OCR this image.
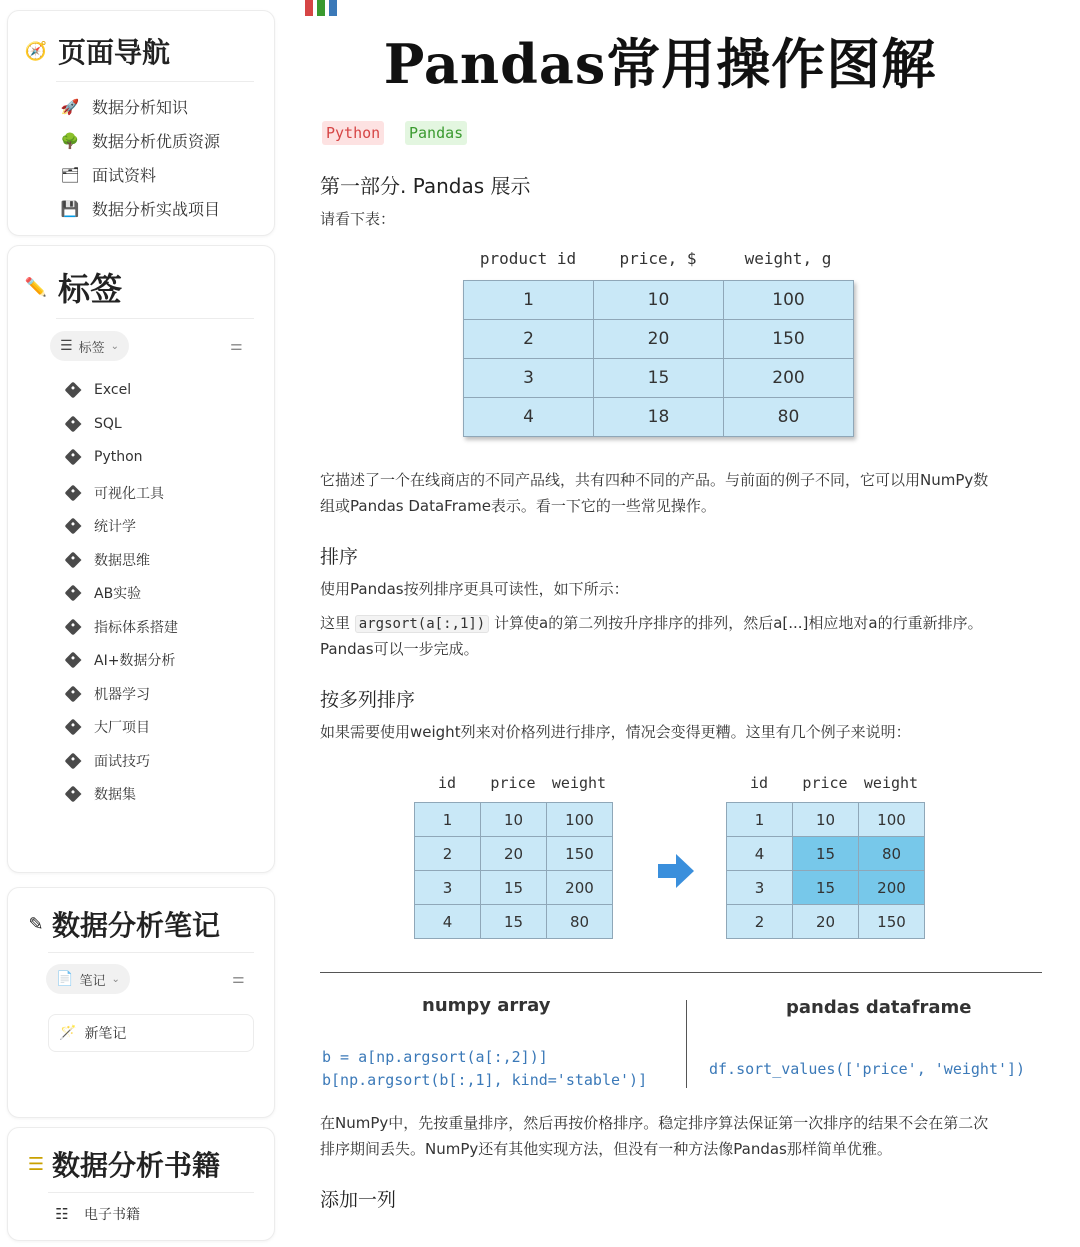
🧭 页面导航
🚀 数据分析知识
🌳 数据分析优质资源
🗂 面试资料
💾 数据分析实战项目
✏️ 标签
☰ 标签 ⌄	⚌
Excel
SQL
Python
可视化工具
统计学
数据思维
AB实验
指标体系搭建
AI+数据分析
机器学习
大厂项目
面试技巧
数据集
✎ 数据分析笔记
📄 笔记 ⌄	⚌
🪄 新笔记
☰ 数据分析书籍
☷ 电子书籍
Pandas常用操作图解
Python Pandas
第一部分. Pandas 展示
请看下表：
product id	price, $	weight, g
1	10	100
2	20	150
3	15	200
4	18	80
它描述了一个在线商店的不同产品线，共有四种不同的产品。与前面的例子不同，它可以用NumPy数
组或Pandas DataFrame表示。看一下它的一些常见操作。
排序
使用Pandas按列排序更具可读性，如下所示：
这里 argsort(a[:,1]) 计算使a的第二列按升序排序的排列，然后a[...]相应地对a的行重新排序。
Pandas可以一步完成。
按多列排序
如果需要使用weight列来对价格列进行排序，情况会变得更糟。这里有几个例子来说明：
id	price	weight
1	10	100
2	20	150
3	15	200
4	15	80
id	price	weight
1	10	100
4	15	80
3	15	200
2	20	150
numpy array	pandas dataframe
b = a[np.argsort(a[:,2])]
b[np.argsort(b[:,1], kind='stable')]
df.sort_values(['price', 'weight'])
在NumPy中，先按重量排序，然后再按价格排序。稳定排序算法保证第一次排序的结果不会在第二次
排序期间丢失。NumPy还有其他实现方法，但没有一种方法像Pandas那样简单优雅。
添加一列
